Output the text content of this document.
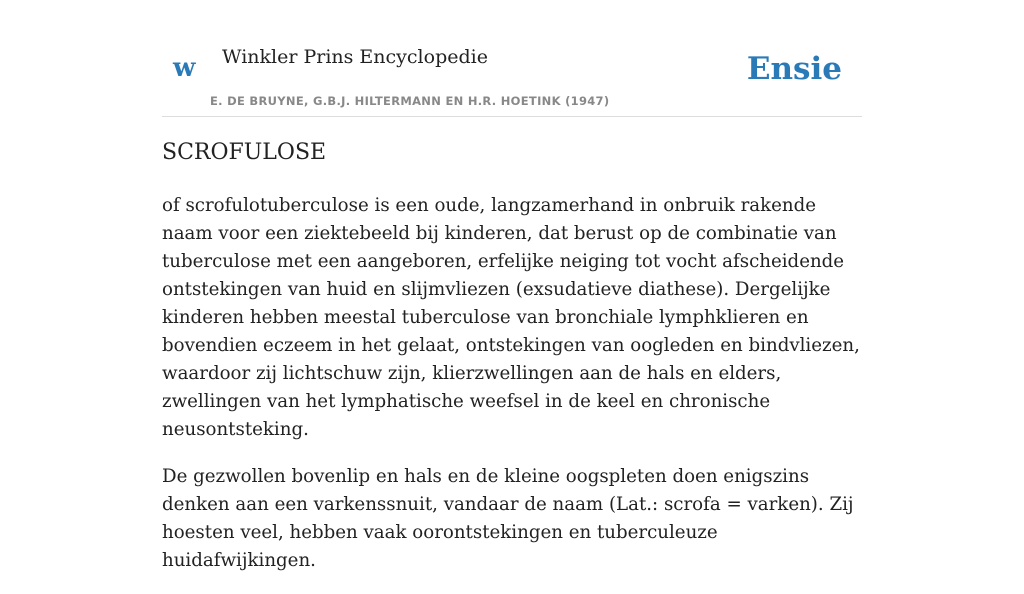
w Winkler Prins Encyclopedie	Ensie
E. DE BRUYNE, G.B.J. HILTERMANN EN H.R. HOETINK (1947)
SCROFULOSE

of scrofulotuberculose is een oude, langzamerhand in onbruik rakende naam voor een ziektebeeld bij kinderen, dat berust op de combinatie van tuberculose met een aangeboren, erfelijke neiging tot vocht afscheidende ontstekingen van huid en slijmvliezen (exsudatieve diathese). Dergelijke kinderen hebben meestal tuberculose van bronchiale lymphklieren en bovendien eczeem in het gelaat, ontstekingen van oogleden en bindvliezen, waardoor zij lichtschuw zijn, klierzwellingen aan de hals en elders, zwellingen van het lymphatische weefsel in de keel en chronische neusontsteking.

De gezwollen bovenlip en hals en de kleine oogspleten doen enigszins denken aan een varkenssnuit, vandaar de naam (Lat.: scrofa = varken). Zij hoesten veel, hebben vaak oorontstekingen en tuberculeuze huidafwijkingen.
